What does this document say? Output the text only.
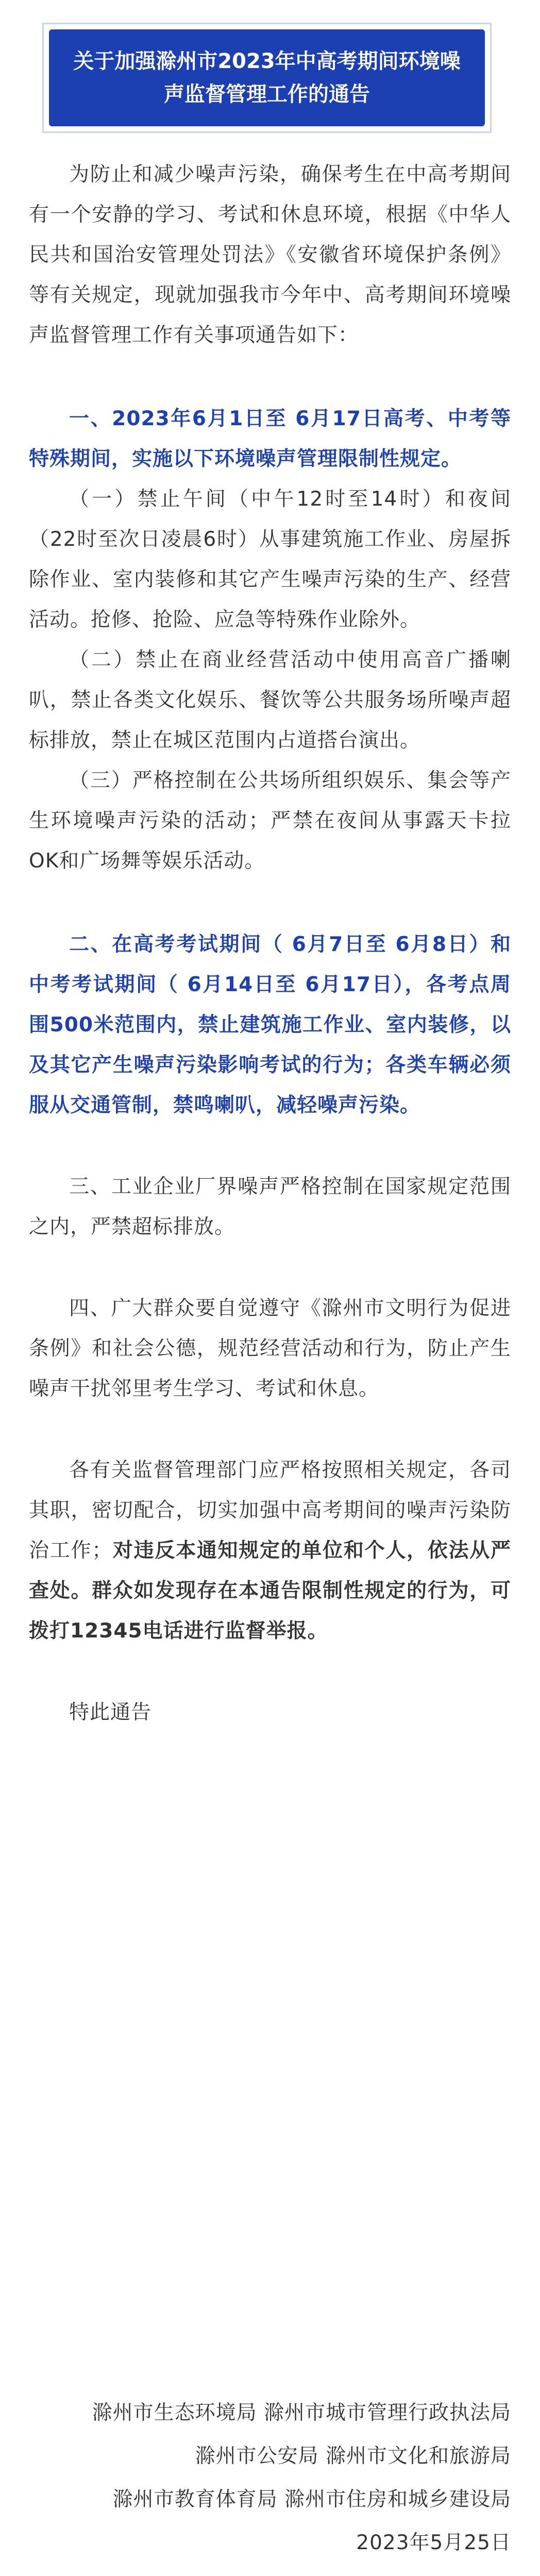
关于加强滁州市2023年中高考期间环境噪声监督管理工作的通告

为防止和减少噪声污染，确保考生在中高考期间有一个安静的学习、考试和休息环境，根据《中华人民共和国治安管理处罚法》《安徽省环境保护条例》等有关规定，现就加强我市今年中、高考期间环境噪声监督管理工作有关事项通告如下：

一、2023年6月1日至 6月17日高考、中考等特殊期间，实施以下环境噪声管理限制性规定。

（一）禁止午间（中午12时至14时）和夜间（22时至次日凌晨6时）从事建筑施工作业、房屋拆除作业、室内装修和其它产生噪声污染的生产、经营活动。抢修、抢险、应急等特殊作业除外。

（二）禁止在商业经营活动中使用高音广播喇叭，禁止各类文化娱乐、餐饮等公共服务场所噪声超标排放，禁止在城区范围内占道搭台演出。

（三）严格控制在公共场所组织娱乐、集会等产生环境噪声污染的活动；严禁在夜间从事露天卡拉OK和广场舞等娱乐活动。

二、在高考考试期间（ 6月7日至 6月8日）和中考考试期间（ 6月14日至 6月17日），各考点周围500米范围内，禁止建筑施工作业、室内装修，以及其它产生噪声污染影响考试的行为；各类车辆必须服从交通管制，禁鸣喇叭，减轻噪声污染。

三、工业企业厂界噪声严格控制在国家规定范围之内，严禁超标排放。

四、广大群众要自觉遵守《滁州市文明行为促进条例》和社会公德，规范经营活动和行为，防止产生噪声干扰邻里考生学习、考试和休息。

各有关监督管理部门应严格按照相关规定，各司其职，密切配合，切实加强中高考期间的噪声污染防治工作；对违反本通知规定的单位和个人，依法从严查处。群众如发现存在本通告限制性规定的行为，可拨打12345电话进行监督举报。

特此通告

滁州市生态环境局 滁州市城市管理行政执法局
滁州市公安局 滁州市文化和旅游局
滁州市教育体育局 滁州市住房和城乡建设局
2023年5月25日
